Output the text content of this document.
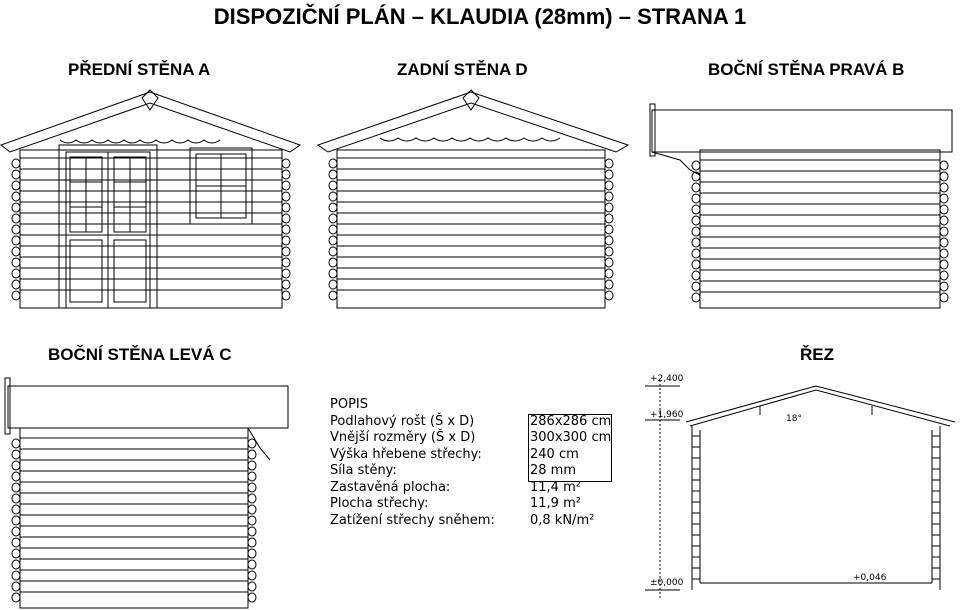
DISPOZIČNÍ PLÁN – KLAUDIA (28mm) – STRANA 1
PŘEDNÍ STĚNA A	ZADNÍ STĚNA D	BOČNÍ STĚNA PRAVÁ B
BOČNÍ STĚNA LEVÁ C	ŘEZ
+2,400
+1,960
±0,000	+0,046
18°
POPIS
Podlahový rošt (Š x D)	286x286 cm
Vnější rozměry (Š x D)	300x300 cm
Výška hřebene střechy:	240 cm
Síla stěny:	28 mm
Zastavěná plocha:	11,4 m²
Plocha střechy:	11,9 m²
Zatížení střechy sněhem:	0,8 kN/m²
